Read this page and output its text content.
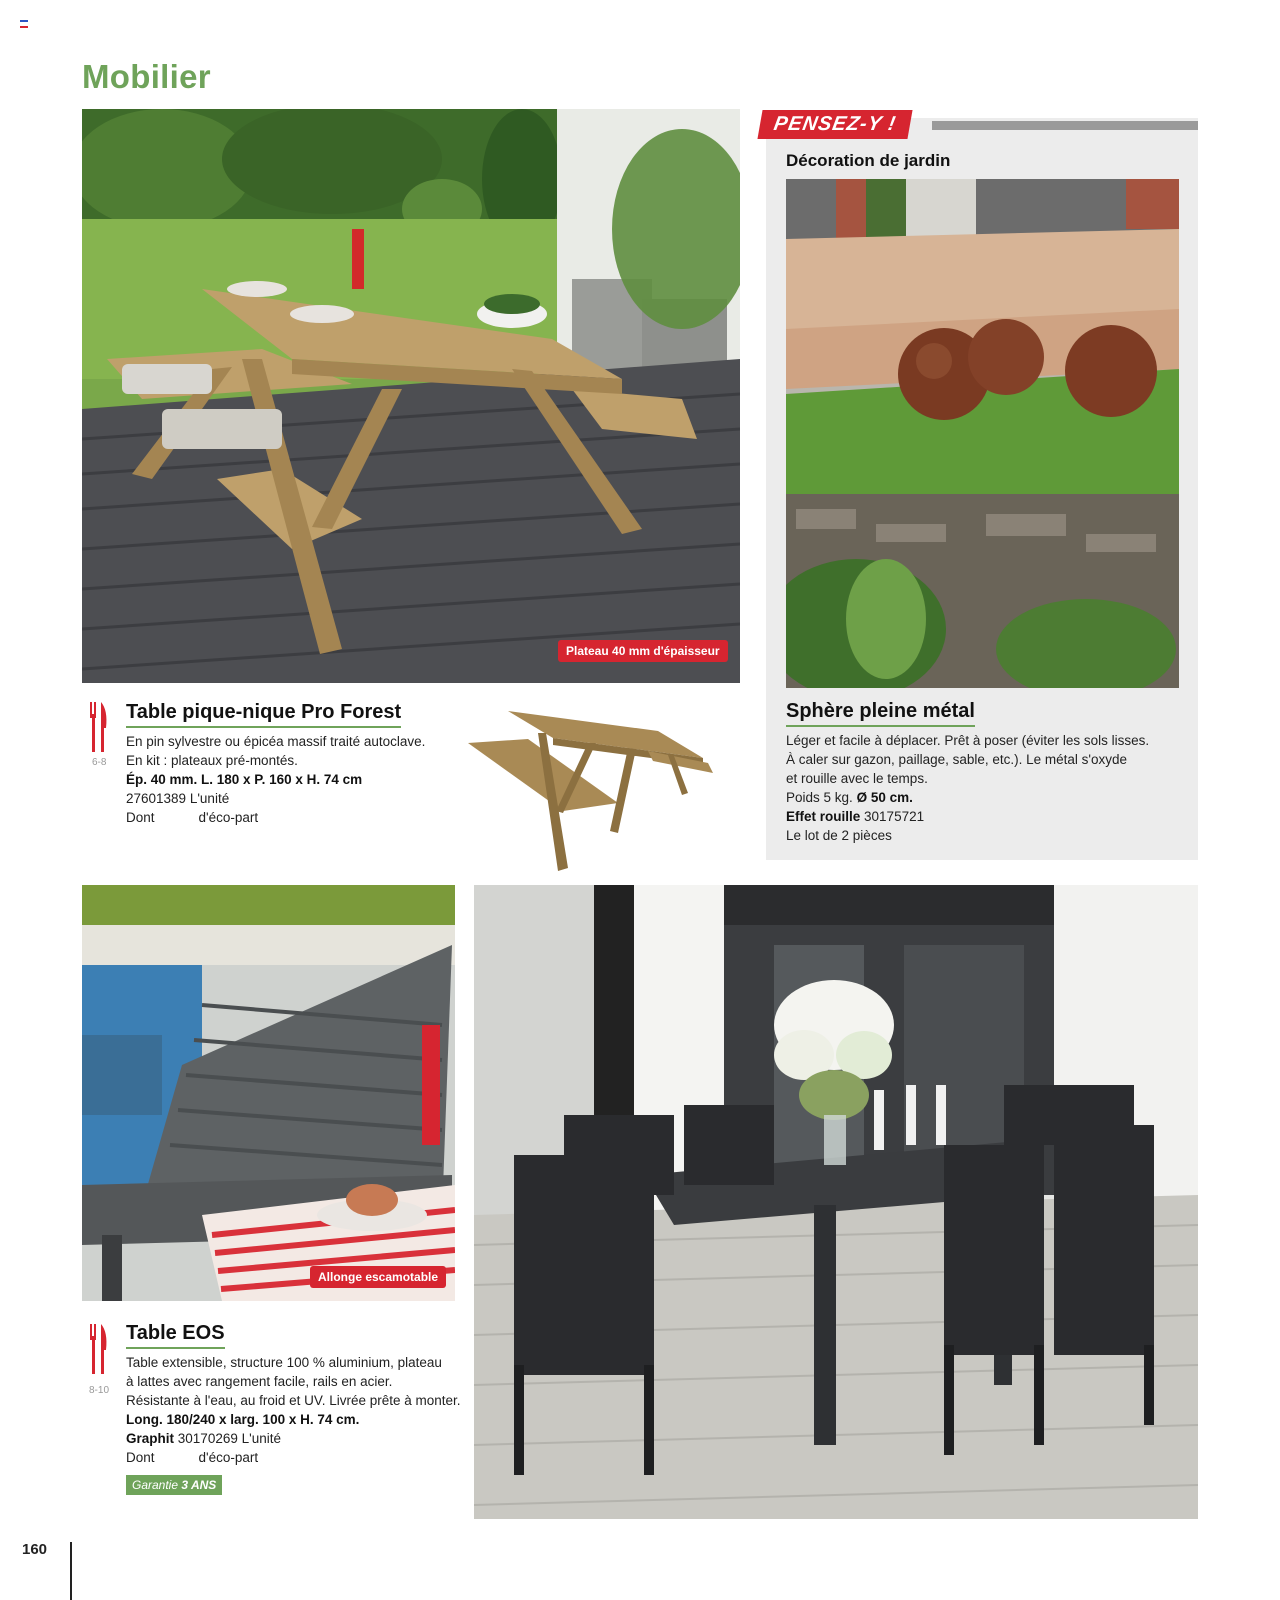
Mobilier
Plateau 40 mm d'épaisseur
6-8
Table pique-nique Pro Forest
En pin sylvestre ou épicéa massif traité autoclave.
En kit : plateaux pré-montés.
Ép. 40 mm. L. 180 x P. 160 x H. 74 cm
27601389 L'unité
Dont	d'éco-part
PENSEZ-Y !
Décoration de jardin
Sphère pleine métal
Léger et facile à déplacer. Prêt à poser (éviter les sols lisses.
À caler sur gazon, paillage, sable, etc.). Le métal s'oxyde
et rouille avec le temps.
Poids 5 kg. Ø 50 cm.
Effet rouille 30175721
Le lot de 2 pièces
Allonge escamotable
8-10
Table EOS
Table extensible, structure 100 % aluminium, plateau
à lattes avec rangement facile, rails en acier.
Résistante à l'eau, au froid et UV. Livrée prête à monter.
Long. 180/240 x larg. 100 x H. 74 cm.
Graphit 30170269 L'unité
Dont	d'éco-part
Garantie 3 ANS
160
